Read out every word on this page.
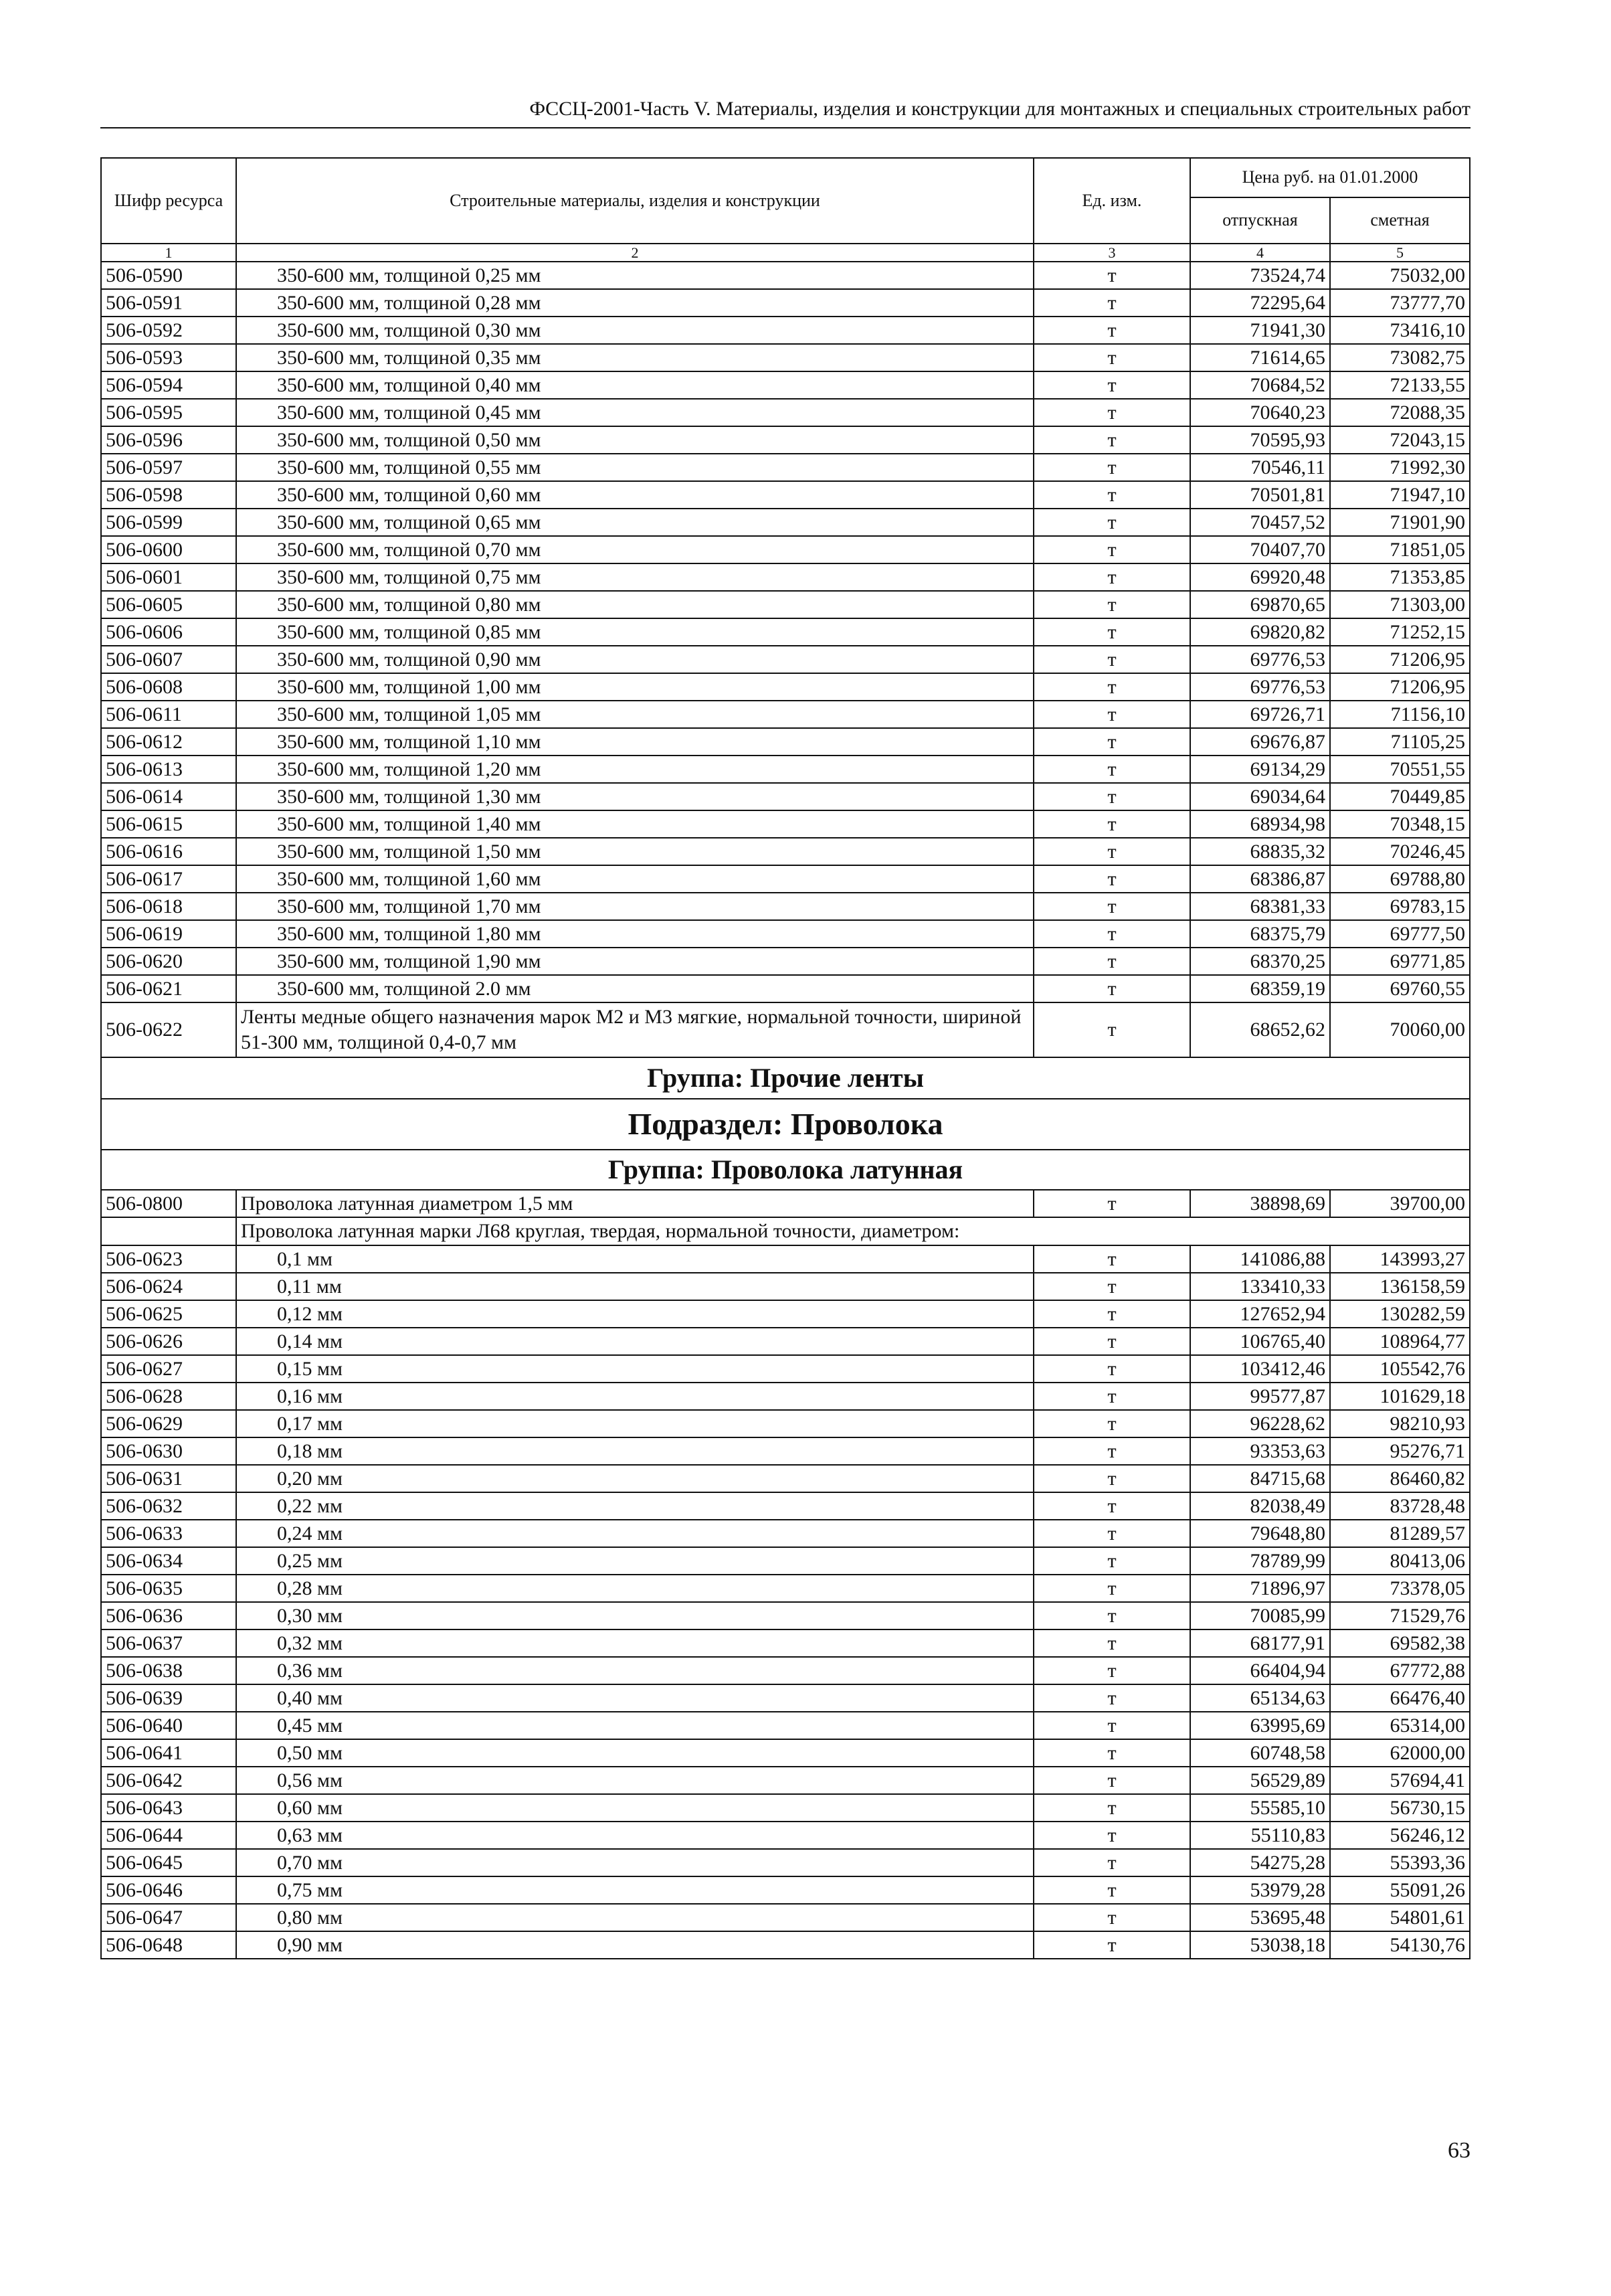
ФССЦ-2001-Часть V. Материалы, изделия и конструкции для монтажных и специальных строительных работ
Шифр ресурса	Строительные материалы, изделия и конструкции	Ед. изм.	Цена руб. на 01.01.2000	
			отпускная	сметная
1	2	3	4	5
506-0590	350-600 мм, толщиной 0,25 мм	т	73524,74	75032,00
506-0591	350-600 мм, толщиной 0,28 мм	т	72295,64	73777,70
506-0592	350-600 мм, толщиной 0,30 мм	т	71941,30	73416,10
506-0593	350-600 мм, толщиной 0,35 мм	т	71614,65	73082,75
506-0594	350-600 мм, толщиной 0,40 мм	т	70684,52	72133,55
506-0595	350-600 мм, толщиной 0,45 мм	т	70640,23	72088,35
506-0596	350-600 мм, толщиной 0,50 мм	т	70595,93	72043,15
506-0597	350-600 мм, толщиной 0,55 мм	т	70546,11	71992,30
506-0598	350-600 мм, толщиной 0,60 мм	т	70501,81	71947,10
506-0599	350-600 мм, толщиной 0,65 мм	т	70457,52	71901,90
506-0600	350-600 мм, толщиной 0,70 мм	т	70407,70	71851,05
506-0601	350-600 мм, толщиной 0,75 мм	т	69920,48	71353,85
506-0605	350-600 мм, толщиной 0,80 мм	т	69870,65	71303,00
506-0606	350-600 мм, толщиной 0,85 мм	т	69820,82	71252,15
506-0607	350-600 мм, толщиной 0,90 мм	т	69776,53	71206,95
506-0608	350-600 мм, толщиной 1,00 мм	т	69776,53	71206,95
506-0611	350-600 мм, толщиной 1,05 мм	т	69726,71	71156,10
506-0612	350-600 мм, толщиной 1,10 мм	т	69676,87	71105,25
506-0613	350-600 мм, толщиной 1,20 мм	т	69134,29	70551,55
506-0614	350-600 мм, толщиной 1,30 мм	т	69034,64	70449,85
506-0615	350-600 мм, толщиной 1,40 мм	т	68934,98	70348,15
506-0616	350-600 мм, толщиной 1,50 мм	т	68835,32	70246,45
506-0617	350-600 мм, толщиной 1,60 мм	т	68386,87	69788,80
506-0618	350-600 мм, толщиной 1,70 мм	т	68381,33	69783,15
506-0619	350-600 мм, толщиной 1,80 мм	т	68375,79	69777,50
506-0620	350-600 мм, толщиной 1,90 мм	т	68370,25	69771,85
506-0621	350-600 мм, толщиной 2.0 мм	т	68359,19	69760,55
506-0622	Ленты медные общего назначения марок М2 и М3 мягкие, нормальной точности, шириной 51-300 мм, толщиной 0,4-0,7 мм	т	68652,62	70060,00
Группа: Прочие ленты				
Подраздел: Проволока				
Группа: Проволока латунная				
506-0800	Проволока латунная диаметром 1,5 мм	т	38898,69	39700,00
	Проволока латунная марки Л68 круглая, твердая, нормальной точности, диаметром:			
506-0623	0,1 мм	т	141086,88	143993,27
506-0624	0,11 мм	т	133410,33	136158,59
506-0625	0,12 мм	т	127652,94	130282,59
506-0626	0,14 мм	т	106765,40	108964,77
506-0627	0,15 мм	т	103412,46	105542,76
506-0628	0,16 мм	т	99577,87	101629,18
506-0629	0,17 мм	т	96228,62	98210,93
506-0630	0,18 мм	т	93353,63	95276,71
506-0631	0,20 мм	т	84715,68	86460,82
506-0632	0,22 мм	т	82038,49	83728,48
506-0633	0,24 мм	т	79648,80	81289,57
506-0634	0,25 мм	т	78789,99	80413,06
506-0635	0,28 мм	т	71896,97	73378,05
506-0636	0,30 мм	т	70085,99	71529,76
506-0637	0,32 мм	т	68177,91	69582,38
506-0638	0,36 мм	т	66404,94	67772,88
506-0639	0,40 мм	т	65134,63	66476,40
506-0640	0,45 мм	т	63995,69	65314,00
506-0641	0,50 мм	т	60748,58	62000,00
506-0642	0,56 мм	т	56529,89	57694,41
506-0643	0,60 мм	т	55585,10	56730,15
506-0644	0,63 мм	т	55110,83	56246,12
506-0645	0,70 мм	т	54275,28	55393,36
506-0646	0,75 мм	т	53979,28	55091,26
506-0647	0,80 мм	т	53695,48	54801,61
506-0648	0,90 мм	т	53038,18	54130,76
63
